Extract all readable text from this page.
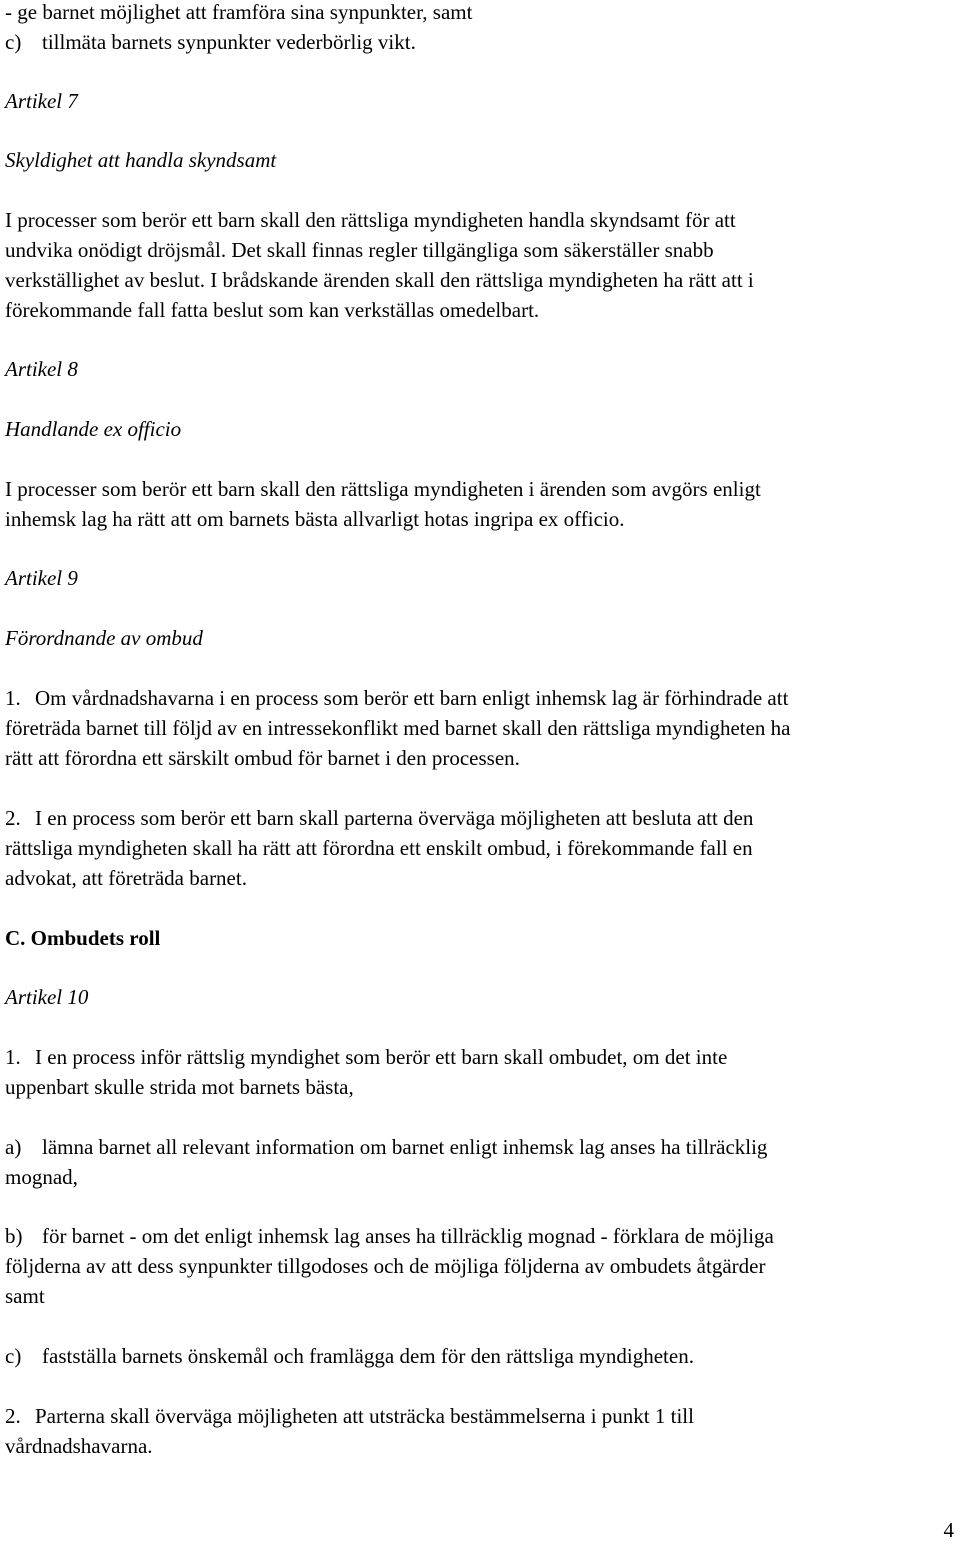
- ge barnet möjlighet att framföra sina synpunkter, samt
c) tillmäta barnets synpunkter vederbörlig vikt.
Artikel 7
Skyldighet att handla skyndsamt
I processer som berör ett barn skall den rättsliga myndigheten handla skyndsamt för att
undvika onödigt dröjsmål. Det skall finnas regler tillgängliga som säkerställer snabb
verkställighet av beslut. I brådskande ärenden skall den rättsliga myndigheten ha rätt att i
förekommande fall fatta beslut som kan verkställas omedelbart.
Artikel 8
Handlande ex officio
I processer som berör ett barn skall den rättsliga myndigheten i ärenden som avgörs enligt
inhemsk lag ha rätt att om barnets bästa allvarligt hotas ingripa ex officio.
Artikel 9
Förordnande av ombud
1. Om vårdnadshavarna i en process som berör ett barn enligt inhemsk lag är förhindrade att
företräda barnet till följd av en intressekonflikt med barnet skall den rättsliga myndigheten ha
rätt att förordna ett särskilt ombud för barnet i den processen.
2. I en process som berör ett barn skall parterna överväga möjligheten att besluta att den
rättsliga myndigheten skall ha rätt att förordna ett enskilt ombud, i förekommande fall en
advokat, att företräda barnet.
C. Ombudets roll
Artikel 10
1. I en process inför rättslig myndighet som berör ett barn skall ombudet, om det inte
uppenbart skulle strida mot barnets bästa,
a) lämna barnet all relevant information om barnet enligt inhemsk lag anses ha tillräcklig
mognad,
b) för barnet - om det enligt inhemsk lag anses ha tillräcklig mognad - förklara de möjliga
följderna av att dess synpunkter tillgodoses och de möjliga följderna av ombudets åtgärder
samt
c) fastställa barnets önskemål och framlägga dem för den rättsliga myndigheten.
2. Parterna skall överväga möjligheten att utsträcka bestämmelserna i punkt 1 till
vårdnadshavarna.
4
